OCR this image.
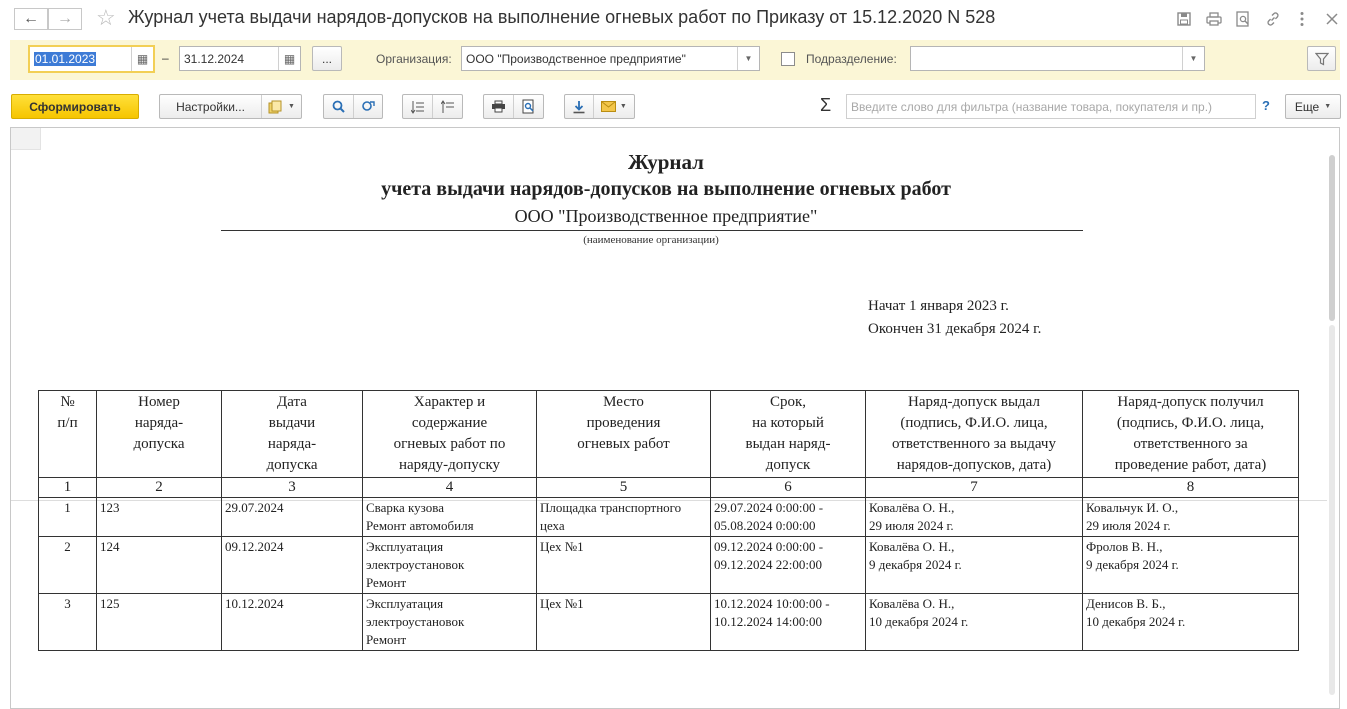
← → ☆ Журнал учета выдачи нарядов-допусков на выполнение огневых работ по Приказу от 15.12.2020 N 528
01.01.2023	▦	–	31.12.2024	▦	...	Организация:	ООО "Производственное предприятие"	▼	Подразделение:	▼
Сформировать	Настройки...	▼	▼	Σ	Введите слово для фильтра (название товара, покупателя и пр.)	? Еще ▼
Журнал
учета выдачи нарядов-допусков на выполнение огневых работ
ООО "Производственное предприятие"
(наименование организации)
Начат 1 января 2023 г.
Окончен 31 декабря 2024 г.
№
п/п	Номер
наряда-
допуска	Дата
выдачи
наряда-
допуска	Характер и
содержание
огневых работ по
наряду-допуску	Место
проведения
огневых работ	Срок,
на который
выдан наряд-
допуск	Наряд-допуск выдал
(подпись, Ф.И.О. лица,
ответственного за выдачу
нарядов-допусков, дата)	Наряд-допуск получил
(подпись, Ф.И.О. лица,
ответственного за
проведение работ, дата)
1	2	3	4	5	6	7	8
1	123	29.07.2024	Сварка кузова
Ремонт автомобиля	Площадка транспортного
цеха	29.07.2024 0:00:00 -
05.08.2024 0:00:00	Ковалёва О. Н.,
29 июля 2024 г.	Ковальчук И. О.,
29 июля 2024 г.
2	124	09.12.2024	Эксплуатация
электроустановок
Ремонт	Цех №1	09.12.2024 0:00:00 -
09.12.2024 22:00:00	Ковалёва О. Н.,
9 декабря 2024 г.	Фролов В. Н.,
9 декабря 2024 г.
3	125	10.12.2024	Эксплуатация
электроустановок
Ремонт	Цех №1	10.12.2024 10:00:00 -
10.12.2024 14:00:00	Ковалёва О. Н.,
10 декабря 2024 г.	Денисов В. Б.,
10 декабря 2024 г.
